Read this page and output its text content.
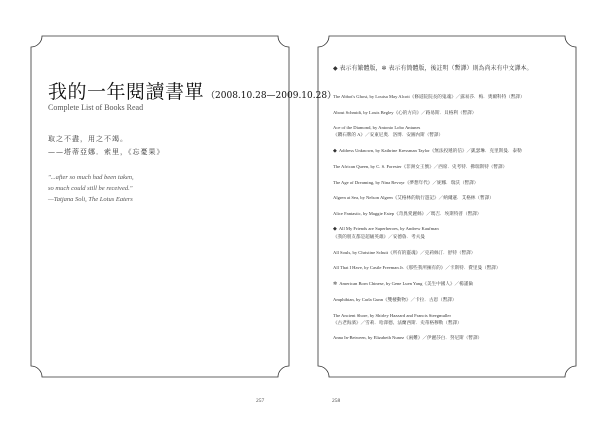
我的一年閱讀書單 （2008.10.28—2009.10.28）
Complete List of Books Read
取之不盡，用之不竭。
——塔蒂亞娜．索里，《忘憂果》
"...after so much had been taken,
so much could still be received."
—Tatjana Soli, The Lotus Eaters
◆ 表示有繁體版，✲ 表示有簡體版，後註明（暫譯）則為尚未有中文譯本。
The Abbot's Ghost, by Louisa May Alcott《修道院院長的鬼魂》／露易莎．梅．奧爾科特（暫譯）
About Schmidt, by Louis Begley《心的方向》／路易斯．貝格利（暫譯）
Ace of the Diamond, by Antonio Lobo Antunes
《鑽石牌的 A》／安東尼奧．洛博．安圖內斯（暫譯）
◆ Address Unknown, by Kathrine Kressman Taylor《無法投遞的信》／凱瑟琳．克里斯曼．泰勒
The African Queen, by C. S. Forester《非洲女王號》／西席．史考特．佛瑞斯特（暫譯）
The Age of Dreaming, by Nina Revoyr《夢想年代》／妮娜．瑞沃（暫譯）
Algren at Sea, by Nelson Algren《艾格林的航行遊記》／納爾遜．艾格林（暫譯）
Alice Fantastic, by Maggie Estep《奇異愛麗絲》／瑪吉．埃斯特普（暫譯）
◆ All My Friends are Superheroes, by Andrew Kaufman
《我的朋友都是超級英雄》／安德魯．考夫曼
All Souls, by Christine Schutt《所有的靈魂》／克莉絲汀．舒特（暫譯）
All That I Have, by Castle Freeman Jr.《那些我所擁有的》／卡斯特．費里曼（暫譯）
✲ American Born Chinese, by Gene Luen Yang《美生中國人》／楊謹倫
Amphibian, by Carla Gunn《雙棲動物》／卡拉．古恩（暫譯）
The Ancient Shore, by Shirley Hazzard and Francis Steegmuller
《古老海濱》／雪莉．哈澤德、法蘭西斯．史蒂格穆勒（暫譯）
Anna In-Between, by Elizabeth Nunez《兩難》／伊麗莎白．努尼斯（暫譯）
257	258
